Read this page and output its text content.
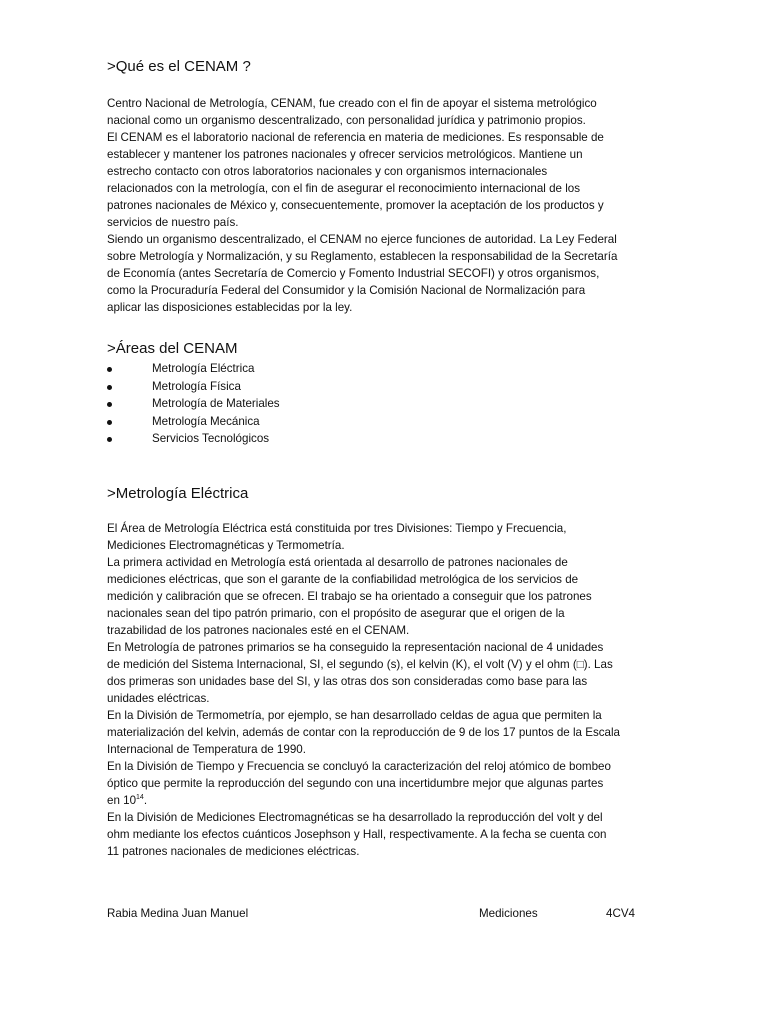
>Qué es el CENAM ?
Centro Nacional de Metrología, CENAM, fue creado con el fin de apoyar el sistema metrológico
nacional como un organismo descentralizado, con personalidad jurídica y patrimonio propios.
El CENAM es el laboratorio nacional de referencia en materia de mediciones. Es responsable de
establecer y mantener los patrones nacionales y ofrecer servicios metrológicos. Mantiene un
estrecho contacto con otros laboratorios nacionales y con organismos internacionales
relacionados con la metrología, con el fin de asegurar el reconocimiento internacional de los
patrones nacionales de México y, consecuentemente, promover la aceptación de los productos y
servicios de nuestro país.
Siendo un organismo descentralizado, el CENAM no ejerce funciones de autoridad. La Ley Federal
sobre Metrología y Normalización, y su Reglamento, establecen la responsabilidad de la Secretaría
de Economía (antes Secretaría de Comercio y Fomento Industrial SECOFI) y otros organismos,
como la Procuraduría Federal del Consumidor y la Comisión Nacional de Normalización para
aplicar las disposiciones establecidas por la ley.
>Áreas del CENAM
Metrología Eléctrica
Metrología Física
Metrología de Materiales
Metrología Mecánica
Servicios Tecnológicos
>Metrología Eléctrica
El Área de Metrología Eléctrica está constituida por tres Divisiones: Tiempo y Frecuencia,
Mediciones Electromagnéticas y Termometría.
La primera actividad en Metrología está orientada al desarrollo de patrones nacionales de
mediciones eléctricas, que son el garante de la confiabilidad metrológica de los servicios de
medición y calibración que se ofrecen. El trabajo se ha orientado a conseguir que los patrones
nacionales sean del tipo patrón primario, con el propósito de asegurar que el origen de la
trazabilidad de los patrones nacionales esté en el CENAM.
En Metrología de patrones primarios se ha conseguido la representación nacional de 4 unidades
de medición del Sistema Internacional, SI, el segundo (s), el kelvin (K), el volt (V) y el ohm (□). Las
dos primeras son unidades base del SI, y las otras dos son consideradas como base para las
unidades eléctricas.
En la División de Termometría, por ejemplo, se han desarrollado celdas de agua que permiten la
materialización del kelvin, además de contar con la reproducción de 9 de los 17 puntos de la Escala
Internacional de Temperatura de 1990.
En la División de Tiempo y Frecuencia se concluyó la caracterización del reloj atómico de bombeo
óptico que permite la reproducción del segundo con una incertidumbre mejor que algunas partes
en $10^{14}$.
En la División de Mediciones Electromagnéticas se ha desarrollado la reproducción del volt y del
ohm mediante los efectos cuánticos Josephson y Hall, respectivamente. A la fecha se cuenta con
11 patrones nacionales de mediciones eléctricas.
Rabia Medina Juan Manuel	Mediciones	4CV4
